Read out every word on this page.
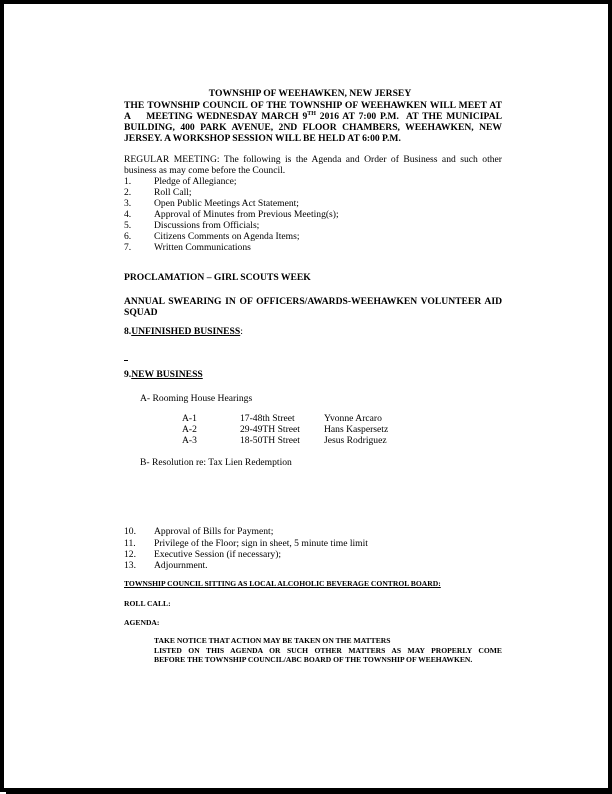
TOWNSHIP OF WEEHAWKEN, NEW JERSEY
THE TOWNSHIP COUNCIL OF THE TOWNSHIP OF WEEHAWKEN WILL MEET AT
A    MEETING WEDNESDAY MARCH 9TH 2016 AT 7:00 P.M.  AT THE MUNICIPAL
BUILDING, 400 PARK AVENUE, 2ND FLOOR CHAMBERS, WEEHAWKEN, NEW
JERSEY. A WORKSHOP SESSION WILL BE HELD AT 6:00 P.M.
REGULAR MEETING: The following is the Agenda and Order of Business and such other
business as may come before the Council.
1. Pledge of Allegiance;
2. Roll Call;
3. Open Public Meetings Act Statement;
4. Approval of Minutes from Previous Meeting(s);
5. Discussions from Officials;
6. Citizens Comments on Agenda Items;
7. Written Communications
PROCLAMATION – GIRL SCOUTS WEEK
ANNUAL SWEARING IN OF OFFICERS/AWARDS-WEEHAWKEN VOLUNTEER AID
SQUAD
8.UNFINISHED BUSINESS:
9.NEW BUSINESS
A- Rooming House Hearings
A-1	17-48th Street	Yvonne Arcaro
A-2	29-49TH Street	Hans Kaspersetz
A-3	18-50TH Street	Jesus Rodriguez
B- Resolution re: Tax Lien Redemption
10. Approval of Bills for Payment;
11. Privilege of the Floor; sign in sheet, 5 minute time limit
12. Executive Session (if necessary);
13. Adjournment.
TOWNSHIP COUNCIL SITTING AS LOCAL ALCOHOLIC BEVERAGE CONTROL BOARD:
ROLL CALL:
AGENDA:
TAKE NOTICE THAT ACTION MAY BE TAKEN ON THE MATTERS
LISTED ON THIS AGENDA OR SUCH OTHER MATTERS AS MAY PROPERLY COME
BEFORE THE TOWNSHIP COUNCIL/ABC BOARD OF THE TOWNSHIP OF WEEHAWKEN.
